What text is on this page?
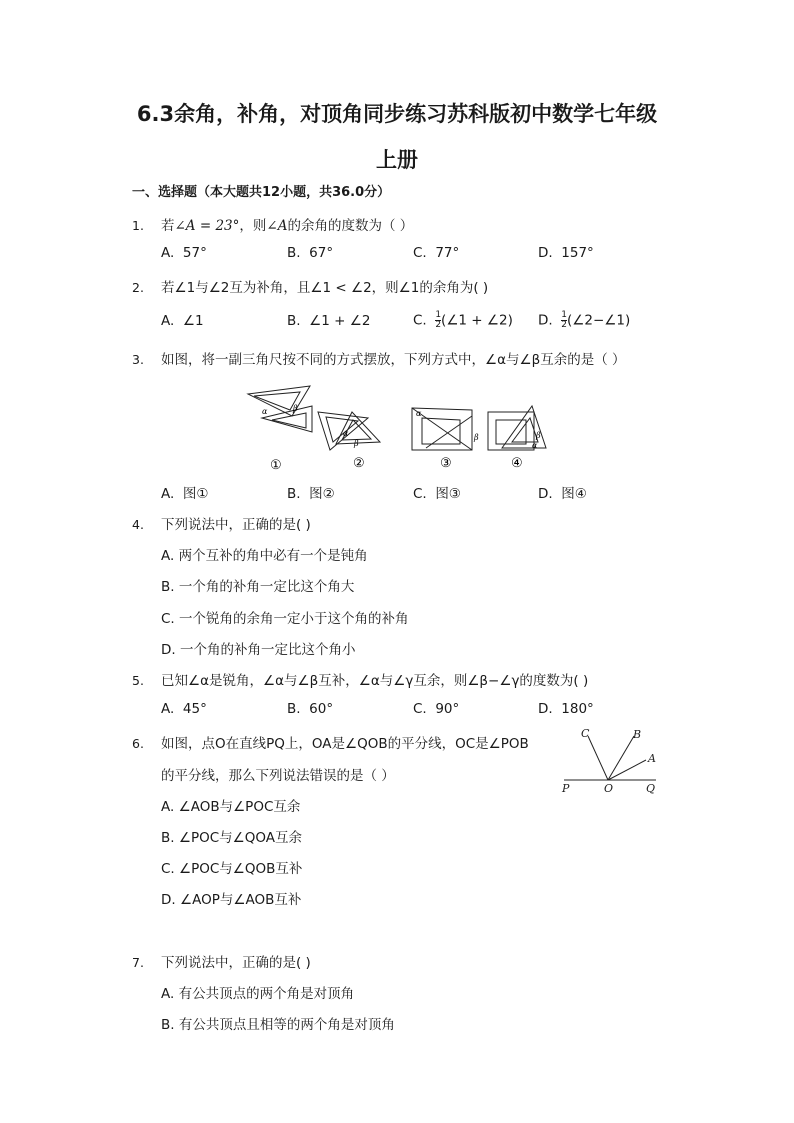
6.3余角，补角，对顶角同步练习苏科版初中数学七年级
上册
一、选择题（本大题共12小题，共36.0分）
1. 若∠A = 23°，则∠A的余角的度数为（ ）
A. 57°	B. 67°	C. 77°	D. 157°
2. 若∠1与∠2互为补角，且∠1 < ∠2，则∠1的余角为( )
A. ∠1	B. ∠1 + ∠2	C. $\frac{1}{2}$ (∠1 + ∠2) D. $\frac{1}{2}$ (∠2−∠1)
3. 如图，将一副三角尺按不同的方式摆放，下列方式中，∠α与∠β互余的是（ ）
α	β
α
β
α
β	β
α
①	②	③	④
A. 图①	B. 图②	C. 图③	D. 图④
4. 下列说法中，正确的是( )
A. 两个互补的角中必有一个是钝角
B. 一个角的补角一定比这个角大
C. 一个锐角的余角一定小于这个角的补角
D. 一个角的补角一定比这个角小
5. 已知∠α是锐角，∠α与∠β互补，∠α与∠γ互余，则∠β−∠γ的度数为( )
A. 45°	B. 60°	C. 90°	D. 180°
6. 如图，点O在直线PQ上，OA是∠QOB的平分线，OC是∠POB
的平分线，那么下列说法错误的是（ ）
C	B
A
P	O	Q
A. ∠AOB与∠POC互余
B. ∠POC与∠QOA互余
C. ∠POC与∠QOB互补
D. ∠AOP与∠AOB互补
7. 下列说法中，正确的是( )
A. 有公共顶点的两个角是对顶角
B. 有公共顶点且相等的两个角是对顶角
